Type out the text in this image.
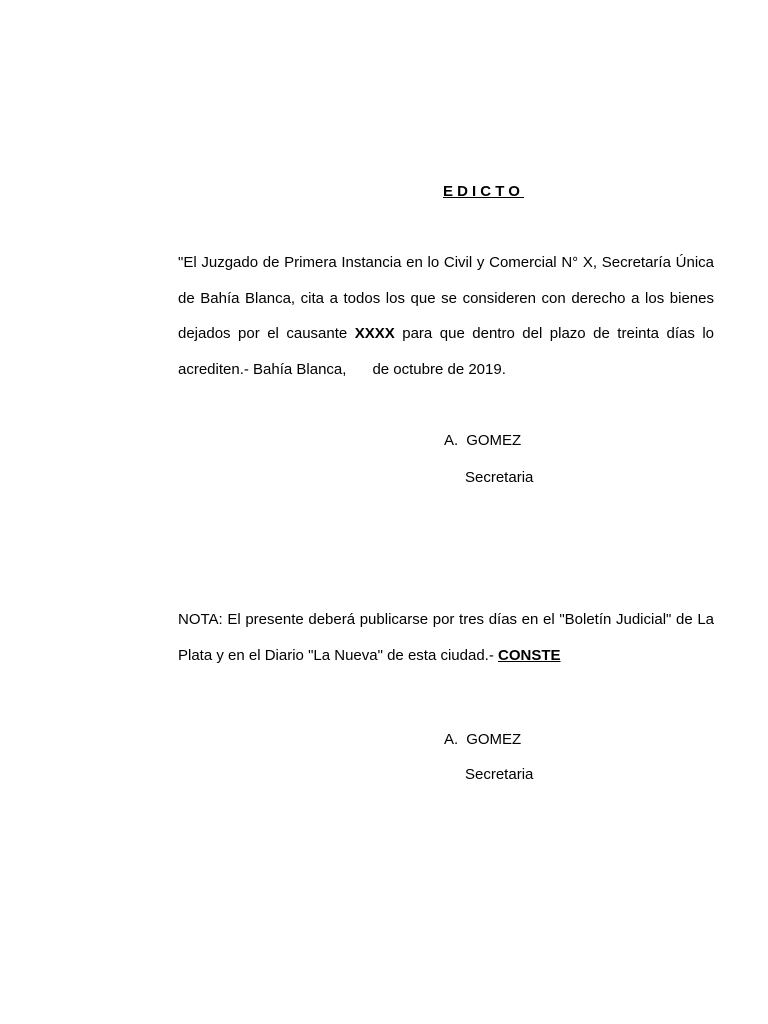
EDICTO

"El Juzgado de Primera Instancia en lo Civil y Comercial N° X, Secretaría Única de Bahía Blanca, cita a todos los que se consideren con derecho a los bienes dejados por el causante XXXX para que dentro del plazo de treinta días lo acrediten.- Bahía Blanca, de octubre de 2019.

A. GOMEZ
Secretaria

NOTA: El presente deberá publicarse por tres días en el "Boletín Judicial" de La Plata y en el Diario "La Nueva" de esta ciudad.- CONSTE

A. GOMEZ
Secretaria
